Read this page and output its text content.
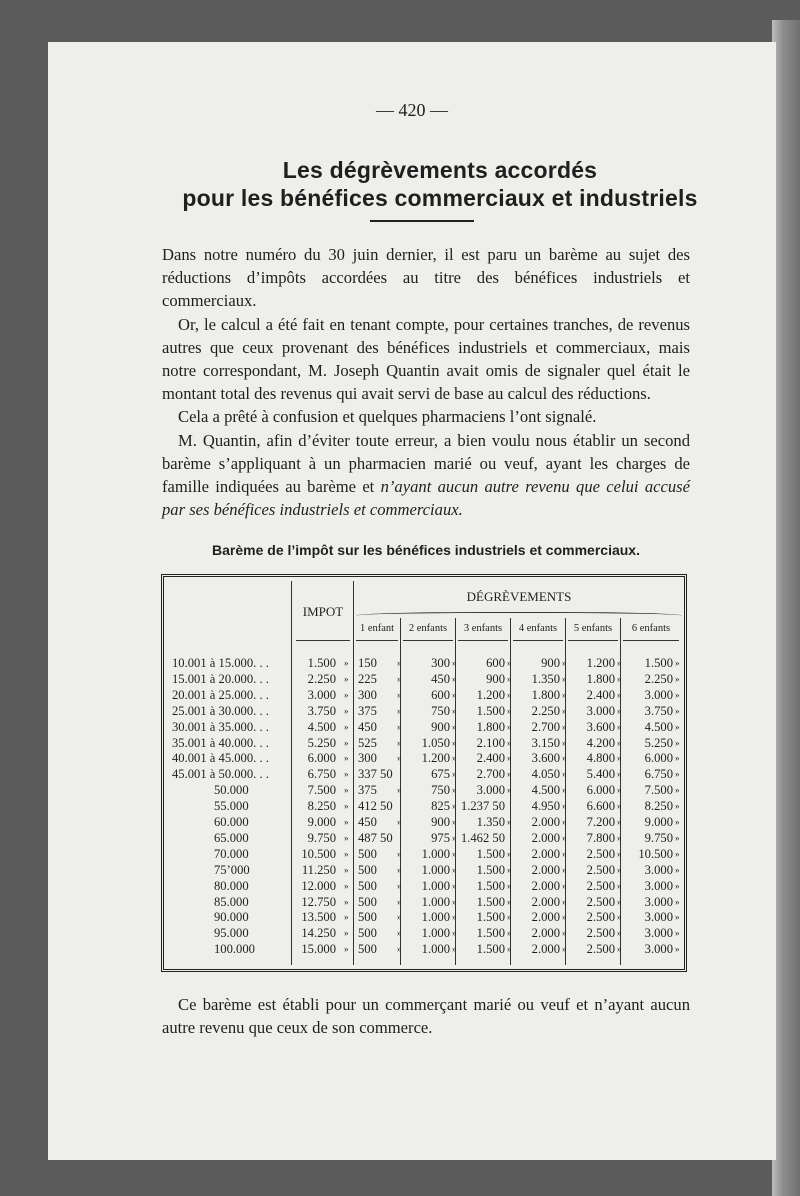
— 420 —
Les dégrèvements accordés
pour les bénéfices commerciaux et industriels

Dans notre numéro du 30 juin dernier, il est paru un barème au sujet des réductions d’impôts accordées au titre des bénéfices industriels et commerciaux.

Or, le calcul a été fait en tenant compte, pour certaines tranches, de revenus autres que ceux provenant des bénéfices industriels et commerciaux, mais notre correspondant, M. Joseph Quantin avait omis de signaler quel était le montant total des revenus qui avait servi de base au calcul des réductions.

Cela a prêté à confusion et quelques pharmaciens l’ont signalé.

M. Quantin, afin d’éviter toute erreur, a bien voulu nous établir un second barème s’appliquant à un pharmacien marié ou veuf, ayant les charges de famille indiquées au barème et n’ayant aucun autre revenu que celui accusé par ses bénéfices industriels et commerciaux.

Barème de l’impôt sur les bénéfices industriels et commerciaux.
IMPOT
DÉGRÈVEMENTS
1 enfant	2 enfants	3 enfants	4 enfants	5 enfants	6 enfants
10.001 à 15.000. . .	1.500 » 150 » 300 » 600 » 900 » 1.200 » 1.500 »
15.001 à 20.000. . .	2.250 » 225 » 450 » 900 » 1.350 » 1.800 » 2.250 »
20.001 à 25.000. . .	3.000 » 300 » 600 » 1.200 » 1.800 » 2.400 » 3.000 »
25.001 à 30.000. . .	3.750 » 375 » 750 » 1.500 » 2.250 » 3.000 » 3.750 »
30.001 à 35.000. . .	4.500 » 450 » 900 » 1.800 » 2.700 » 3.600 » 4.500 »
35.001 à 40.000. . .	5.250 » 525 » 1.050 » 2.100 » 3.150 » 4.200 » 5.250 »
40.001 à 45.000. . .	6.000 » 300 » 1.200 » 2.400 » 3.600 » 4.800 » 6.000 »
45.001 à 50.000. . .	6.750 » 337 50	675 » 2.700 » 4.050 » 5.400 » 6.750 »
50.000	7.500 » 375 » 750 » 3.000 » 4.500 » 6.000 » 7.500 »
55.000	8.250 » 412 50	825 » 1.237 50 4.950 » 6.600 » 8.250 »
60.000	9.000 » 450 » 900 » 1.350 » 2.000 » 7.200 » 9.000 »
65.000	9.750 » 487 50	975 » 1.462 50 2.000 » 7.800 » 9.750 »
70.000	10.500 » 500 » 1.000 » 1.500 » 2.000 » 2.500 » 10.500 »
75’000	11.250 » 500 » 1.000 » 1.500 » 2.000 » 2.500 » 3.000 »
80.000	12.000 » 500 » 1.000 » 1.500 » 2.000 » 2.500 » 3.000 »
85.000	12.750 » 500 » 1.000 » 1.500 » 2.000 » 2.500 » 3.000 »
90.000	13.500 » 500 » 1.000 » 1.500 » 2.000 » 2.500 » 3.000 »
95.000	14.250 » 500 » 1.000 » 1.500 » 2.000 » 2.500 » 3.000 »
100.000	15.000 » 500 » 1.000 » 1.500 » 2.000 » 2.500 » 3.000 »

Ce barème est établi pour un commerçant marié ou veuf et n’ayant aucun autre revenu que ceux de son commerce.
